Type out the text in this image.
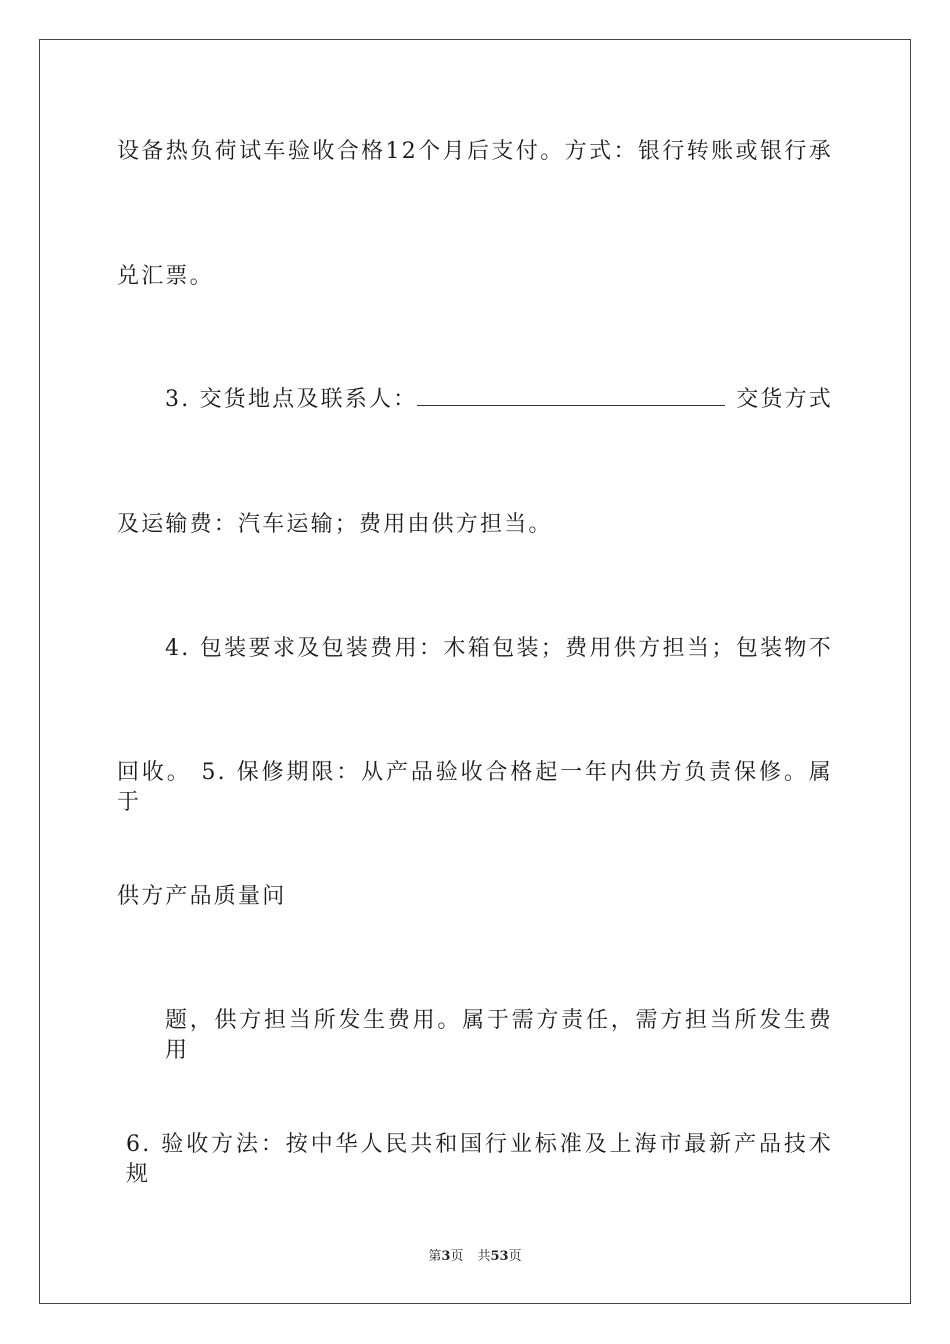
设备热负荷试车验收合格12个月后支付。方式：银行转账或银行承
兑汇票。
3. 交货地点及联系人：	交货方式
及运输费：汽车运输；费用由供方担当。
4. 包装要求及包装费用：木箱包装；费用供方担当；包装物不
回收。 5. 保修期限：从产品验收合格起一年内供方负责保修。属于
供方产品质量问
题，供方担当所发生费用。属于需方责任，需方担当所发生费用
6. 验收方法：按中华人民共和国行业标准及上海市最新产品技术规
第3页 共53页
